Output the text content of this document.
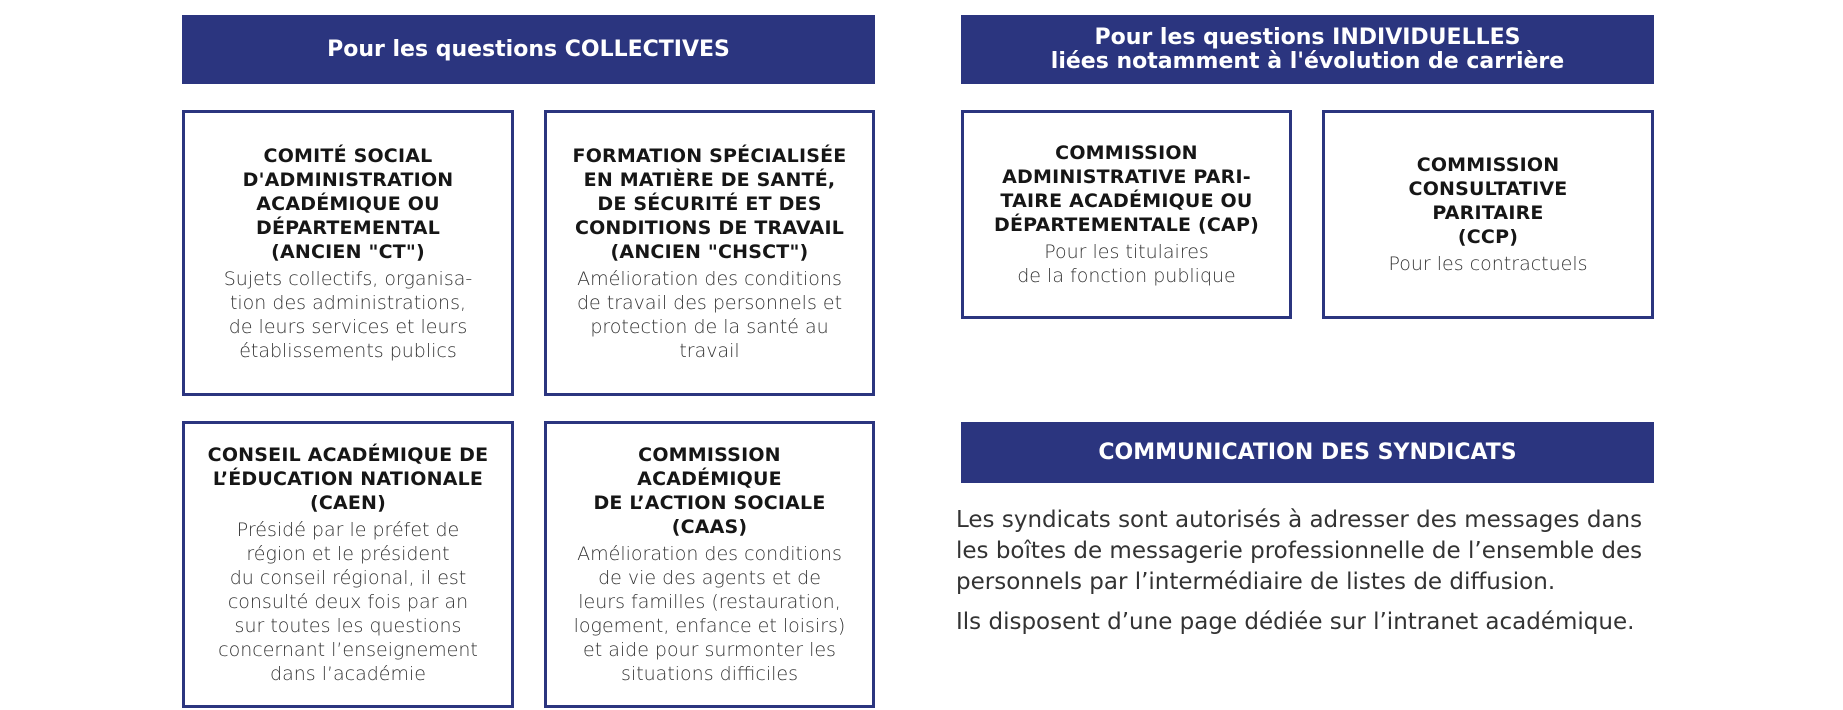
Pour les questions COLLECTIVES
COMITÉ SOCIAL
D'ADMINISTRATION
ACADÉMIQUE OU
DÉPARTEMENTAL
(ANCIEN "CT")
Sujets collectifs, organisa-
tion des administrations,
de leurs services et leurs
établissements publics
FORMATION SPÉCIALISÉE
EN MATIÈRE DE SANTÉ,
DE SÉCURITÉ ET DES
CONDITIONS DE TRAVAIL
(ANCIEN "CHSCT")
Amélioration des conditions
de travail des personnels et
protection de la santé au
travail
CONSEIL ACADÉMIQUE DE
L’ÉDUCATION NATIONALE
(CAEN)
Présidé par le préfet de
région et le président
du conseil régional, il est
consulté deux fois par an
sur toutes les questions
concernant l’enseignement
dans l’académie
COMMISSION
ACADÉMIQUE
DE L’ACTION SOCIALE
(CAAS)
Amélioration des conditions
de vie des agents et de
leurs familles (restauration,
logement, enfance et loisirs)
et aide pour surmonter les
situations difficiles
Pour les questions INDIVIDUELLES
liées notamment à l'évolution de carrière
COMMISSION
ADMINISTRATIVE PARI-
TAIRE ACADÉMIQUE OU
DÉPARTEMENTALE (CAP)
Pour les titulaires
de la fonction publique
COMMISSION
CONSULTATIVE
PARITAIRE
(CCP)
Pour les contractuels
COMMUNICATION DES SYNDICATS
Les syndicats sont autorisés à adresser des messages dans
les boîtes de messagerie professionnelle de l’ensemble des
personnels par l’intermédiaire de listes de diffusion.
Ils disposent d’une page dédiée sur l’intranet académique.
